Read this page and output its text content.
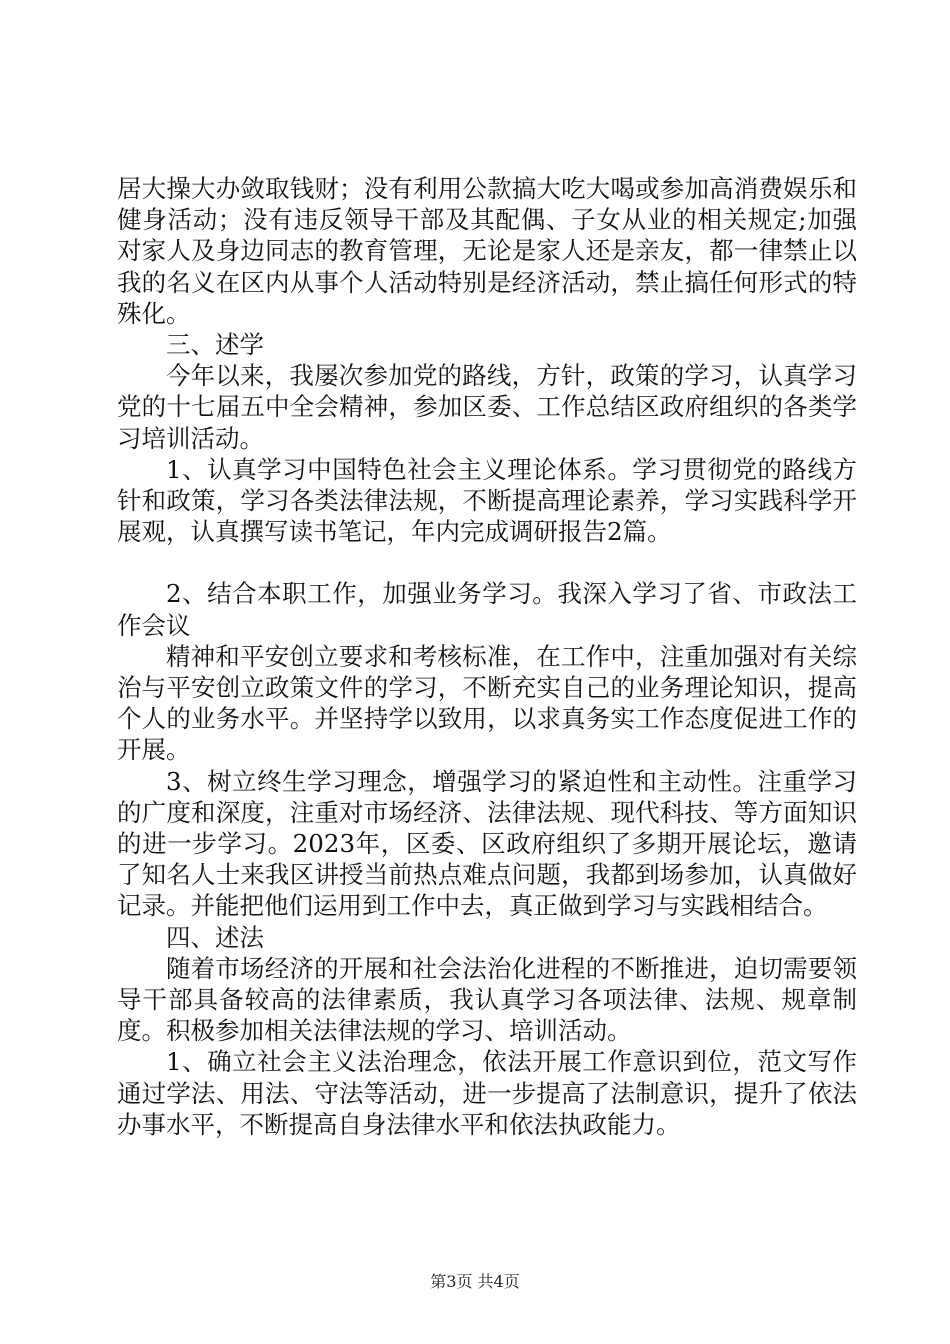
居大操大办敛取钱财；没有利用公款搞大吃大喝或参加高消费娱乐和健身活动；没有违反领导干部及其配偶、子女从业的相关规定;加强对家人及身边同志的教育管理，无论是家人还是亲友，都一律禁止以我的名义在区内从事个人活动特别是经济活动，禁止搞任何形式的特殊化。

三、述学

今年以来，我屡次参加党的路线，方针，政策的学习，认真学习党的十七届五中全会精神，参加区委、工作总结区政府组织的各类学习培训活动。

1、认真学习中国特色社会主义理论体系。学习贯彻党的路线方针和政策，学习各类法律法规，不断提高理论素养，学习实践科学开展观，认真撰写读书笔记，年内完成调研报告2篇。

2、结合本职工作，加强业务学习。我深入学习了省、市政法工作会议

精神和平安创立要求和考核标准，在工作中，注重加强对有关综治与平安创立政策文件的学习，不断充实自己的业务理论知识，提高个人的业务水平。并坚持学以致用，以求真务实工作态度促进工作的开展。

3、树立终生学习理念，增强学习的紧迫性和主动性。注重学习的广度和深度，注重对市场经济、法律法规、现代科技、等方面知识的进一步学习。2023年，区委、区政府组织了多期开展论坛，邀请了知名人士来我区讲授当前热点难点问题，我都到场参加，认真做好记录。并能把他们运用到工作中去，真正做到学习与实践相结合。

四、述法

随着市场经济的开展和社会法治化进程的不断推进，迫切需要领导干部具备较高的法律素质，我认真学习各项法律、法规、规章制度。积极参加相关法律法规的学习、培训活动。

1、确立社会主义法治理念，依法开展工作意识到位，范文写作通过学法、用法、守法等活动，进一步提高了法制意识，提升了依法办事水平，不断提高自身法律水平和依法执政能力。

第3页 共4页
